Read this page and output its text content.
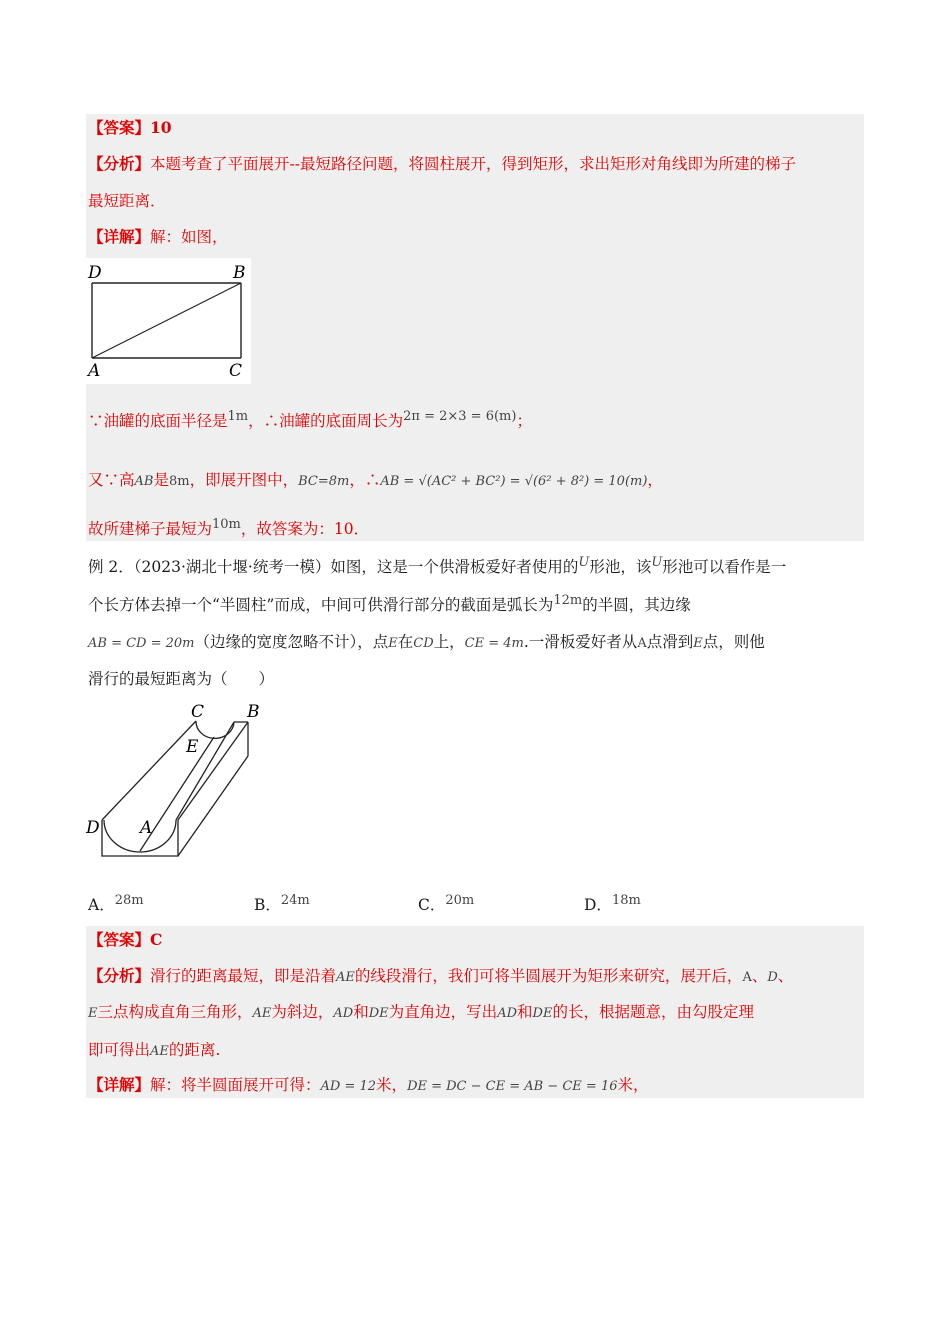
【答案】10
【分析】本题考查了平面展开--最短路径问题，将圆柱展开，得到矩形，求出矩形对角线即为所建的梯子
最短距离．
【详解】解：如图，
D	B
A	C
∵油罐的底面半径是$^{1m}$，∴油罐的底面周长为$^{2\pi = 2\times 3 = 6(m)}$；
又∵高AB是8m，即展开图中，BC=8m，∴AB = √(AC² + BC²) = √(6² + 8²) = 10(m)，
故所建梯子最短为$^{10m}$，故答案为：10．
例 2．（2023·湖北十堰·统考一模）如图，这是一个供滑板爱好者使用的$^U$形池，该$^U$形池可以看作是一
个长方体去掉一个“半圆柱”而成，中间可供滑行部分的截面是弧长为$^{12m}$的半圆，其边缘
AB = CD = 20m（边缘的宽度忽略不计），点E在CD上，CE = 4m.一滑板爱好者从A点滑到E点，则他
滑行的最短距离为（　　）
C	B
E
D A
A．$^{28m}$	B．$^{24m}$	C．$^{20m}$	D．$^{18m}$
【答案】C
【分析】滑行的距离最短，即是沿着AE的线段滑行，我们可将半圆展开为矩形来研究，展开后，A、D、
E三点构成直角三角形，AE为斜边，AD和DE为直角边，写出AD和DE的长，根据题意，由勾股定理
即可得出AE的距离.
【详解】解：将半圆面展开可得：AD = 12米，DE = DC − CE = AB − CE = 16米，
